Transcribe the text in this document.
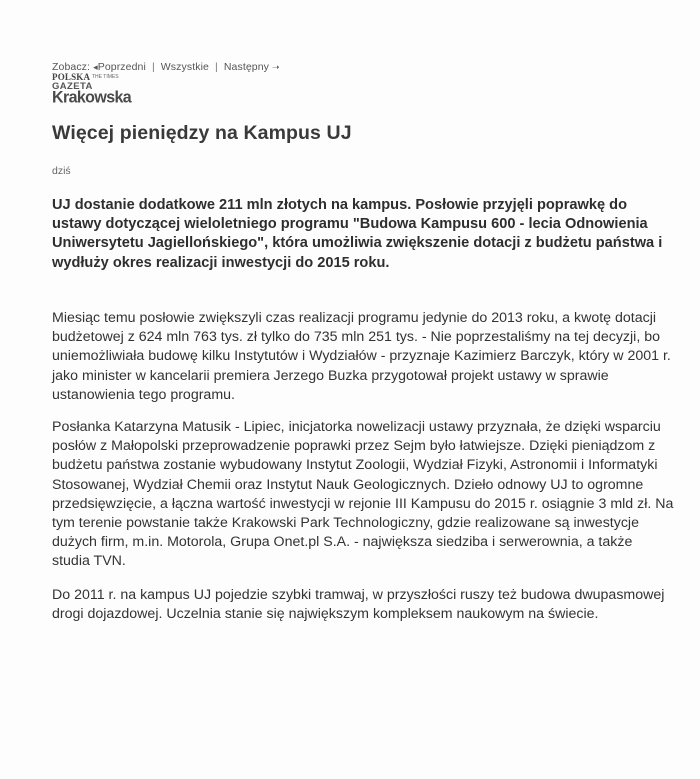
Zobacz: ◂Poprzedni | Wszystkie | Następny ➝
POLSKA THE TIMES
GAZETA
Krakowska
Więcej pieniędzy na Kampus UJ
dziś

UJ dostanie dodatkowe 211 mln złotych na kampus. Posłowie przyjęli poprawkę do ustawy dotyczącej wieloletniego programu "Budowa Kampusu 600 - lecia Odnowienia Uniwersytetu Jagiellońskiego", która umożliwia zwiększenie dotacji z budżetu państwa i wydłuży okres realizacji inwestycji do 2015 roku.

Miesiąc temu posłowie zwiększyli czas realizacji programu jedynie do 2013 roku, a kwotę dotacji budżetowej z 624 mln 763 tys. zł tylko do 735 mln 251 tys. - Nie poprzestaliśmy na tej decyzji, bo uniemożliwiała budowę kilku Instytutów i Wydziałów - przyznaje Kazimierz Barczyk, który w 2001 r. jako minister w kancelarii premiera Jerzego Buzka przygotował projekt ustawy w sprawie ustanowienia tego programu.

Posłanka Katarzyna Matusik - Lipiec, inicjatorka nowelizacji ustawy przyznała, że dzięki wsparciu posłów z Małopolski przeprowadzenie poprawki przez Sejm było łatwiejsze. Dzięki pieniądzom z budżetu państwa zostanie wybudowany Instytut Zoologii, Wydział Fizyki, Astronomii i Informatyki Stosowanej, Wydział Chemii oraz Instytut Nauk Geologicznych. Dzieło odnowy UJ to ogromne przedsięwzięcie, a łączna wartość inwestycji w rejonie III Kampusu do 2015 r. osiągnie 3 mld zł. Na tym terenie powstanie także Krakowski Park Technologiczny, gdzie realizowane są inwestycje dużych firm, m.in. Motorola, Grupa Onet.pl S.A. - największa siedziba i serwerownia, a także studia TVN.

Do 2011 r. na kampus UJ pojedzie szybki tramwaj, w przyszłości ruszy też budowa dwupasmowej drogi dojazdowej. Uczelnia stanie się największym kompleksem naukowym na świecie.
